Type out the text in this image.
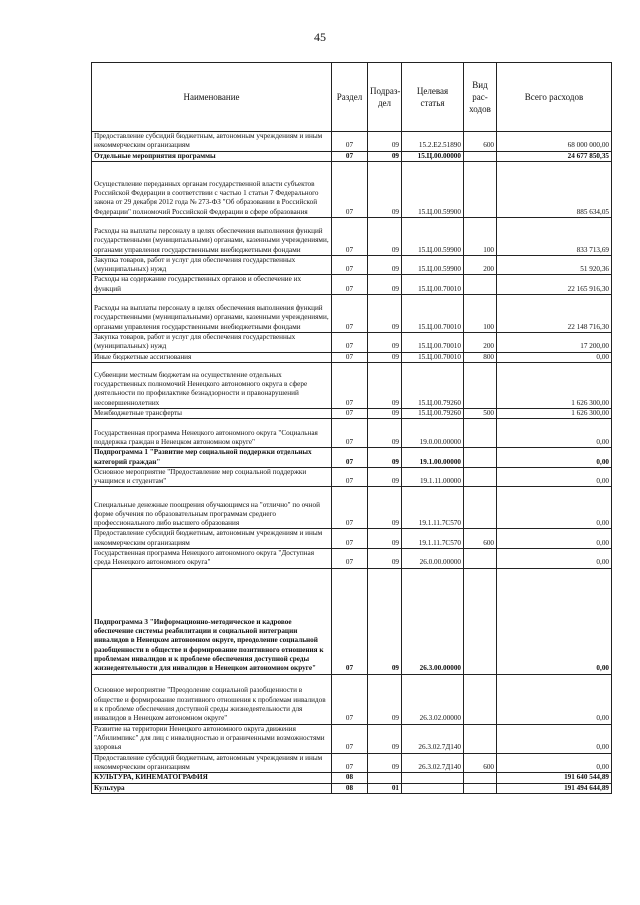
45
Наименование	Раздел	Подраз-дел	Целевая статья	Вид рас-ходов	Всего расходов
Предоставление субсидий бюджетным, автономным учреждениям и иным некоммерческим организациям	07	09	15.2.Е2.51890	600	68 000 000,00
Отдельные мероприятия программы	07	09	15.Ц.00.00000		24 677 850,35
Осуществление переданных органам государственной власти субъектов Российской Федерации в соответствии с частью 1 статьи 7 Федерального закона от 29 декабря 2012 года № 273-ФЗ "Об образовании в Российской Федерации" полномочий Российской Федерации в сфере образования	07	09	15.Ц.00.59900		885 634,05
Расходы на выплаты персоналу в целях обеспечения выполнения функций государственными (муниципальными) органами, казенными учреждениями, органами управления государственными внебюджетными фондами	07	09	15.Ц.00.59900	100	833 713,69
Закупка товаров, работ и услуг для обеспечения государственных (муниципальных) нужд	07	09	15.Ц.00.59900	200	51 920,36
Расходы на содержание государственных органов и обеспечение их функций	07	09	15.Ц.00.70010		22 165 916,30
Расходы на выплаты персоналу в целях обеспечения выполнения функций государственными (муниципальными) органами, казенными учреждениями, органами управления государственными внебюджетными фондами	07	09	15.Ц.00.70010	100	22 148 716,30
Закупка товаров, работ и услуг для обеспечения государственных (муниципальных) нужд	07	09	15.Ц.00.70010	200	17 200,00
Иные бюджетные ассигнования	07	09	15.Ц.00.70010	800	0,00
Субвенции местным бюджетам на осуществление отдельных государственных полномочий Ненецкого автономного округа в сфере деятельности по профилактике безнадзорности и правонарушений несовершеннолетних	07	09	15.Ц.00.79260		1 626 300,00
Межбюджетные трансферты	07	09	15.Ц.00.79260	500	1 626 300,00
Государственная программа Ненецкого автономного округа "Социальная поддержка граждан в Ненецком автономном округе"	07	09	19.0.00.00000		0,00
Подпрограмма 1 "Развитие мер социальной поддержки отдельных категорий граждан"	07	09	19.1.00.00000		0,00
Основное мероприятие "Предоставление мер социальной поддержки учащимся и студентам"	07	09	19.1.11.00000		0,00
Специальные денежные поощрения обучающимся на "отлично" по очной форме обучения по образовательным программам среднего профессионального либо высшего образования	07	09	19.1.11.7С570		0,00
Предоставление субсидий бюджетным, автономным учреждениям и иным некоммерческим организациям	07	09	19.1.11.7С570	600	0,00
Государственная программа Ненецкого автономного округа "Доступная среда Ненецкого автономного округа"	07	09	26.0.00.00000		0,00
Подпрограмма 3 "Информационно-методическое и кадровое обеспечение системы реабилитации и социальной интеграции инвалидов в Ненецком автономном округе, преодоление социальной разобщенности в обществе и формирование позитивного отношения к проблемам инвалидов и к проблеме обеспечения доступной среды жизнедеятельности для инвалидов в Ненецком автономном округе"	07	09	26.3.00.00000		0,00
Основное мероприятие "Преодоление социальной разобщенности в обществе и формирование позитивного отношения к проблемам инвалидов и к проблеме обеспечения доступной среды жизнедеятельности для инвалидов в Ненецком автономном округе"	07	09	26.3.02.00000		0,00
Развитие на территории Ненецкого автономного округа движения "Абилимпикс" для лиц с инвалидностью и ограниченными возможностями здоровья	07	09	26.3.02.7Д140		0,00
Предоставление субсидий бюджетным, автономным учреждениям и иным некоммерческим организациям	07	09	26.3.02.7Д140	600	0,00
КУЛЬТУРА, КИНЕМАТОГРАФИЯ	08				191 640 544,89
Культура	08	01			191 494 644,89
